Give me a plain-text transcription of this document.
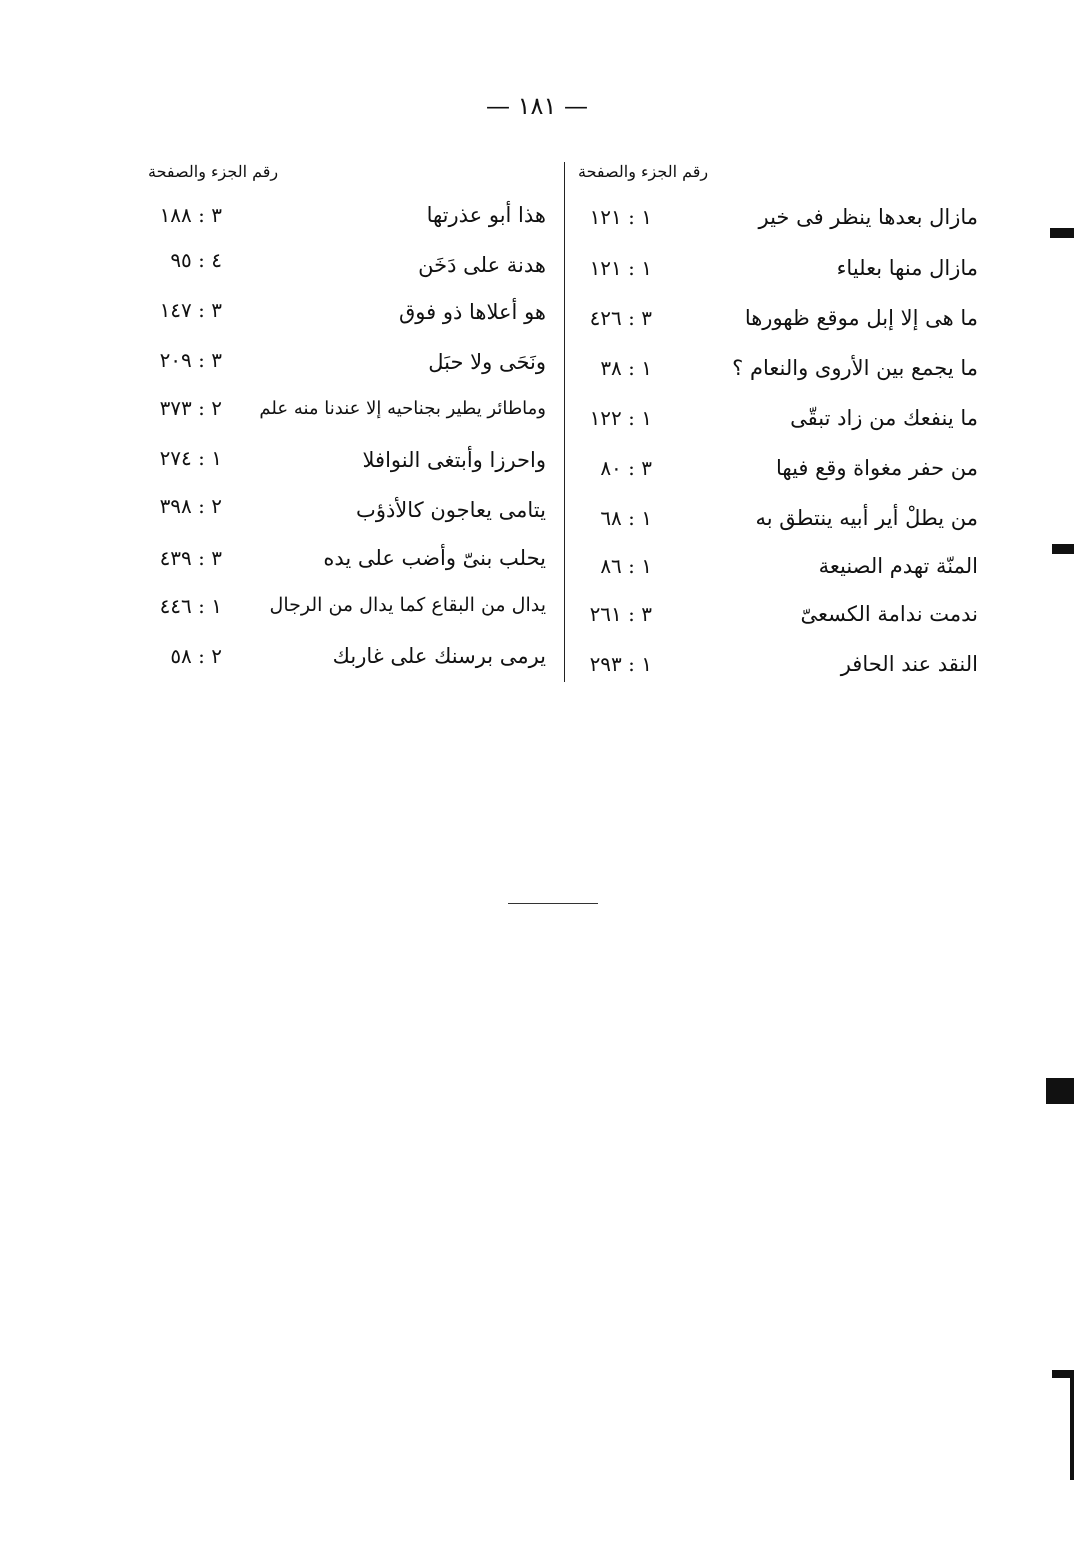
— ١٨١ —
رقم الجزء والصفحة
رقم الجزء والصفحة
مازال بعدها ينظر فى خير
١ : ١٢١
مازال منها بعلياء
١ : ١٢١
ما هى إلا إبل موقع ظهورها
٣ : ٤٢٦
ما يجمع بين الأروى والنعام ؟
١ : ٣٨
ما ينفعك من زاد تبقّى
١ : ١٢٢
من حفر مغواة وقع فيها
٣ : ٨٠
من يطلْ أير أبيه ينتطق به
١ : ٦٨
المنّة تهدم الصنيعة
١ : ٨٦
ندمت ندامة الكسعىّ
٣ : ٢٦١
النقد عند الحافر
١ : ٢٩٣
هذا أبو عذرتها
٣ : ١٨٨
هدنة على دَخَن
٤ : ٩٥
هو أعلاها ذو فوق
٣ : ١٤٧
ونَحَى ولا حبَل
٣ : ٢٠٩
وماطائر يطير بجناحيه إلا عندنا منه علم
٢ : ٣٧٣
واحرزا وأبتغى النوافلا
١ : ٢٧٤
يتامى يعاجون كالأذؤب
٢ : ٣٩٨
يحلب بنىّ وأضب على يده
٣ : ٤٣٩
يدال من البقاع كما يدال من الرجال
١ : ٤٤٦
يرمى برسنك على غاربك
٢ : ٥٨
